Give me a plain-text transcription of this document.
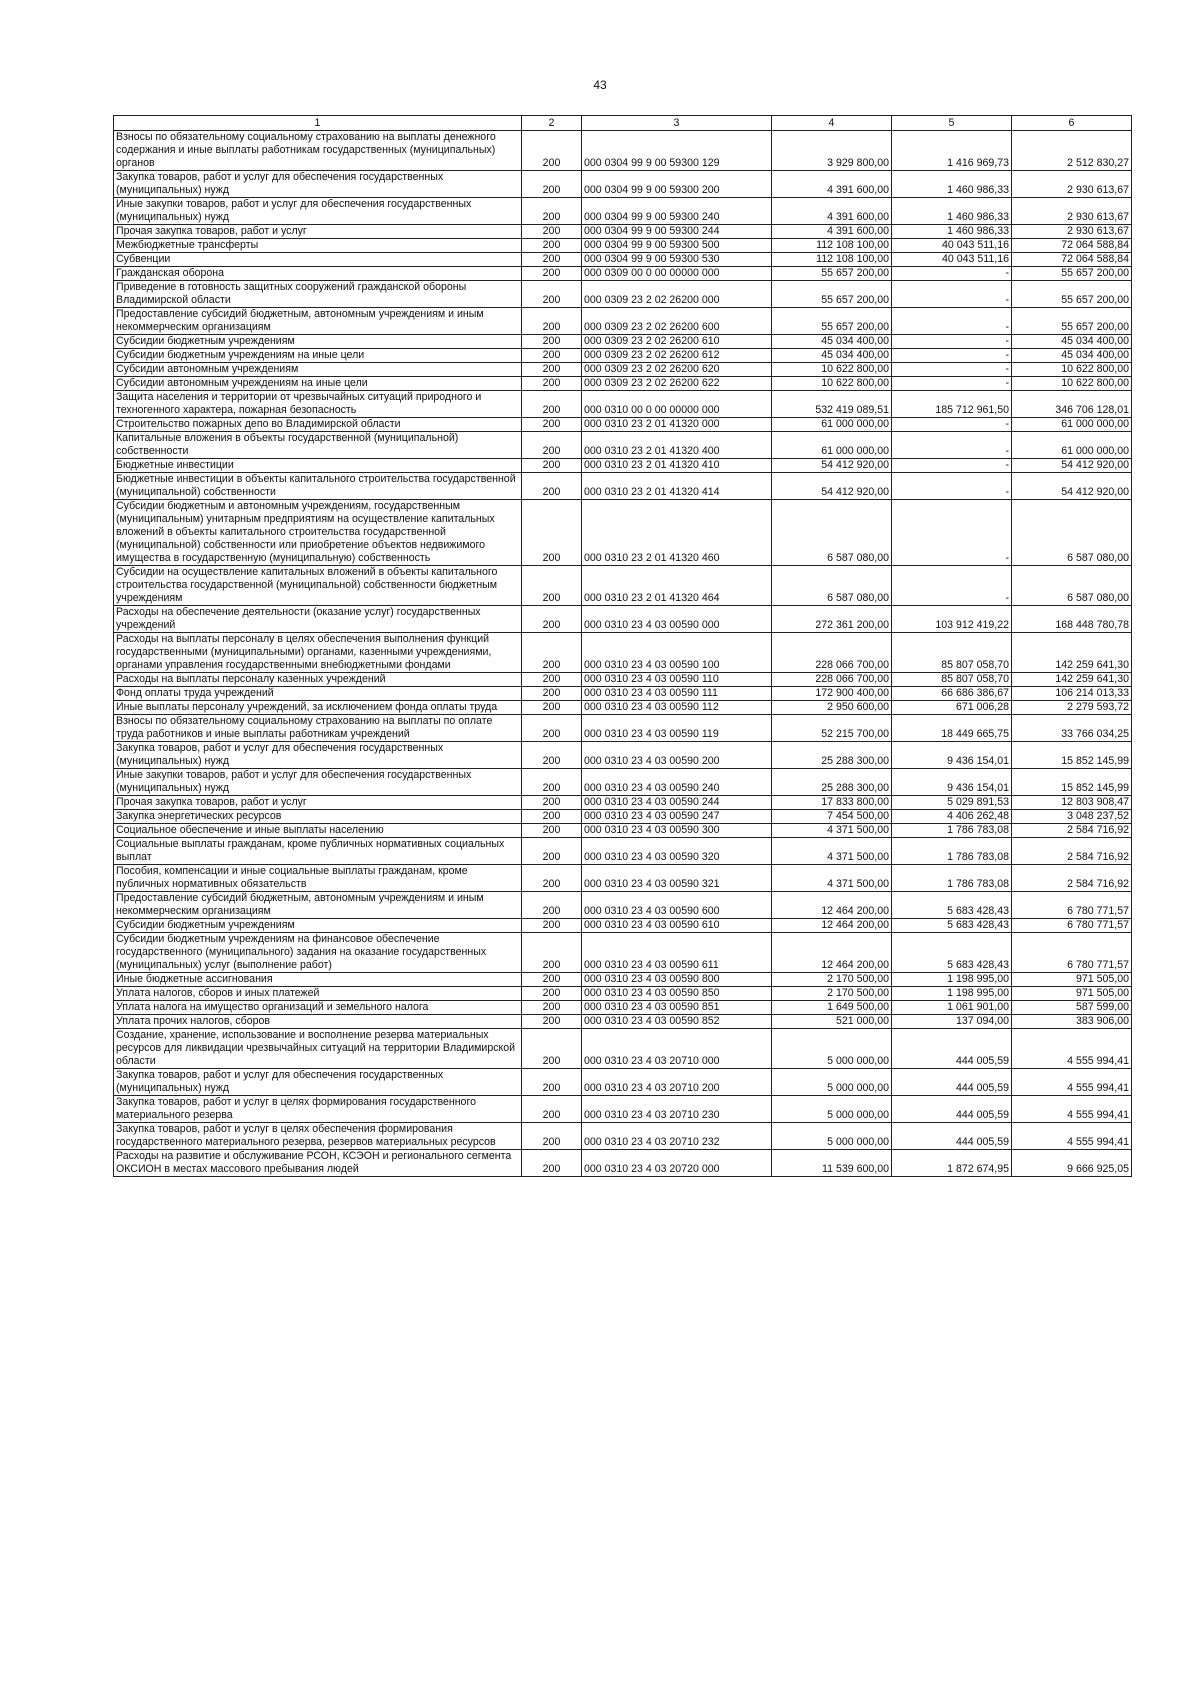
43
1	2	3	4	5	6
Взносы по обязательному социальному страхованию на выплаты денежного содержания и иные выплаты работникам государственных (муниципальных) органов	200	000 0304 99 9 00 59300 129	3 929 800,00	1 416 969,73	2 512 830,27
Закупка товаров, работ и услуг для обеспечения государственных (муниципальных) нужд	200	000 0304 99 9 00 59300 200	4 391 600,00	1 460 986,33	2 930 613,67
Иные закупки товаров, работ и услуг для обеспечения государственных (муниципальных) нужд	200	000 0304 99 9 00 59300 240	4 391 600,00	1 460 986,33	2 930 613,67
Прочая закупка товаров, работ и услуг	200	000 0304 99 9 00 59300 244	4 391 600,00	1 460 986,33	2 930 613,67
Межбюджетные трансферты	200	000 0304 99 9 00 59300 500	112 108 100,00	40 043 511,16	72 064 588,84
Субвенции	200	000 0304 99 9 00 59300 530	112 108 100,00	40 043 511,16	72 064 588,84
Гражданская оборона	200	000 0309 00 0 00 00000 000	55 657 200,00	-	55 657 200,00
Приведение в готовность защитных сооружений гражданской обороны Владимирской области	200	000 0309 23 2 02 26200 000	55 657 200,00	-	55 657 200,00
Предоставление субсидий бюджетным, автономным учреждениям и иным некоммерческим организациям	200	000 0309 23 2 02 26200 600	55 657 200,00	-	55 657 200,00
Субсидии бюджетным учреждениям	200	000 0309 23 2 02 26200 610	45 034 400,00	-	45 034 400,00
Субсидии бюджетным учреждениям на иные цели	200	000 0309 23 2 02 26200 612	45 034 400,00	-	45 034 400,00
Субсидии автономным учреждениям	200	000 0309 23 2 02 26200 620	10 622 800,00	-	10 622 800,00
Субсидии автономным учреждениям на иные цели	200	000 0309 23 2 02 26200 622	10 622 800,00	-	10 622 800,00
Защита населения и территории от чрезвычайных ситуаций природного и техногенного характера, пожарная безопасность	200	000 0310 00 0 00 00000 000	532 419 089,51	185 712 961,50	346 706 128,01
Строительство пожарных депо во Владимирской области	200	000 0310 23 2 01 41320 000	61 000 000,00	-	61 000 000,00
Капитальные вложения в объекты государственной (муниципальной) собственности	200	000 0310 23 2 01 41320 400	61 000 000,00	-	61 000 000,00
Бюджетные инвестиции	200	000 0310 23 2 01 41320 410	54 412 920,00	-	54 412 920,00
Бюджетные инвестиции в объекты капитального строительства государственной (муниципальной) собственности	200	000 0310 23 2 01 41320 414	54 412 920,00	-	54 412 920,00
Субсидии бюджетным и автономным учреждениям, государственным (муниципальным) унитарным предприятиям на осуществление капитальных вложений в объекты капитального строительства государственной (муниципальной) собственности или приобретение объектов недвижимого имущества в государственную (муниципальную) собственность	200	000 0310 23 2 01 41320 460	6 587 080,00	-	6 587 080,00
Субсидии на осуществление капитальных вложений в объекты капитального строительства государственной (муниципальной) собственности бюджетным учреждениям	200	000 0310 23 2 01 41320 464	6 587 080,00	-	6 587 080,00
Расходы на обеспечение деятельности (оказание услуг) государственных учреждений	200	000 0310 23 4 03 00590 000	272 361 200,00	103 912 419,22	168 448 780,78
Расходы на выплаты персоналу в целях обеспечения выполнения функций государственными (муниципальными) органами, казенными учреждениями, органами управления государственными внебюджетными фондами	200	000 0310 23 4 03 00590 100	228 066 700,00	85 807 058,70	142 259 641,30
Расходы на выплаты персоналу казенных учреждений	200	000 0310 23 4 03 00590 110	228 066 700,00	85 807 058,70	142 259 641,30
Фонд оплаты труда учреждений	200	000 0310 23 4 03 00590 111	172 900 400,00	66 686 386,67	106 214 013,33
Иные выплаты персоналу учреждений, за исключением фонда оплаты труда	200	000 0310 23 4 03 00590 112	2 950 600,00	671 006,28	2 279 593,72
Взносы по обязательному социальному страхованию на выплаты по оплате труда работников и иные выплаты работникам учреждений	200	000 0310 23 4 03 00590 119	52 215 700,00	18 449 665,75	33 766 034,25
Закупка товаров, работ и услуг для обеспечения государственных (муниципальных) нужд	200	000 0310 23 4 03 00590 200	25 288 300,00	9 436 154,01	15 852 145,99
Иные закупки товаров, работ и услуг для обеспечения государственных (муниципальных) нужд	200	000 0310 23 4 03 00590 240	25 288 300,00	9 436 154,01	15 852 145,99
Прочая закупка товаров, работ и услуг	200	000 0310 23 4 03 00590 244	17 833 800,00	5 029 891,53	12 803 908,47
Закупка энергетических ресурсов	200	000 0310 23 4 03 00590 247	7 454 500,00	4 406 262,48	3 048 237,52
Социальное обеспечение и иные выплаты населению	200	000 0310 23 4 03 00590 300	4 371 500,00	1 786 783,08	2 584 716,92
Социальные выплаты гражданам, кроме публичных нормативных социальных выплат	200	000 0310 23 4 03 00590 320	4 371 500,00	1 786 783,08	2 584 716,92
Пособия, компенсации и иные социальные выплаты гражданам, кроме публичных нормативных обязательств	200	000 0310 23 4 03 00590 321	4 371 500,00	1 786 783,08	2 584 716,92
Предоставление субсидий бюджетным, автономным учреждениям и иным некоммерческим организациям	200	000 0310 23 4 03 00590 600	12 464 200,00	5 683 428,43	6 780 771,57
Субсидии бюджетным учреждениям	200	000 0310 23 4 03 00590 610	12 464 200,00	5 683 428,43	6 780 771,57
Субсидии бюджетным учреждениям на финансовое обеспечение государственного (муниципального) задания на оказание государственных (муниципальных) услуг (выполнение работ)	200	000 0310 23 4 03 00590 611	12 464 200,00	5 683 428,43	6 780 771,57
Иные бюджетные ассигнования	200	000 0310 23 4 03 00590 800	2 170 500,00	1 198 995,00	971 505,00
Уплата налогов, сборов и иных платежей	200	000 0310 23 4 03 00590 850	2 170 500,00	1 198 995,00	971 505,00
Уплата налога на имущество организаций и земельного налога	200	000 0310 23 4 03 00590 851	1 649 500,00	1 061 901,00	587 599,00
Уплата прочих налогов, сборов	200	000 0310 23 4 03 00590 852	521 000,00	137 094,00	383 906,00
Создание, хранение, использование и восполнение резерва материальных ресурсов для ликвидации чрезвычайных ситуаций на территории Владимирской области	200	000 0310 23 4 03 20710 000	5 000 000,00	444 005,59	4 555 994,41
Закупка товаров, работ и услуг для обеспечения государственных (муниципальных) нужд	200	000 0310 23 4 03 20710 200	5 000 000,00	444 005,59	4 555 994,41
Закупка товаров, работ и услуг в целях формирования государственного материального резерва	200	000 0310 23 4 03 20710 230	5 000 000,00	444 005,59	4 555 994,41
Закупка товаров, работ и услуг в целях обеспечения формирования государственного материального резерва, резервов материальных ресурсов	200	000 0310 23 4 03 20710 232	5 000 000,00	444 005,59	4 555 994,41
Расходы на развитие и обслуживание РСОН, КСЭОН и регионального сегмента ОКСИОН в местах массового пребывания людей	200	000 0310 23 4 03 20720 000	11 539 600,00	1 872 674,95	9 666 925,05
